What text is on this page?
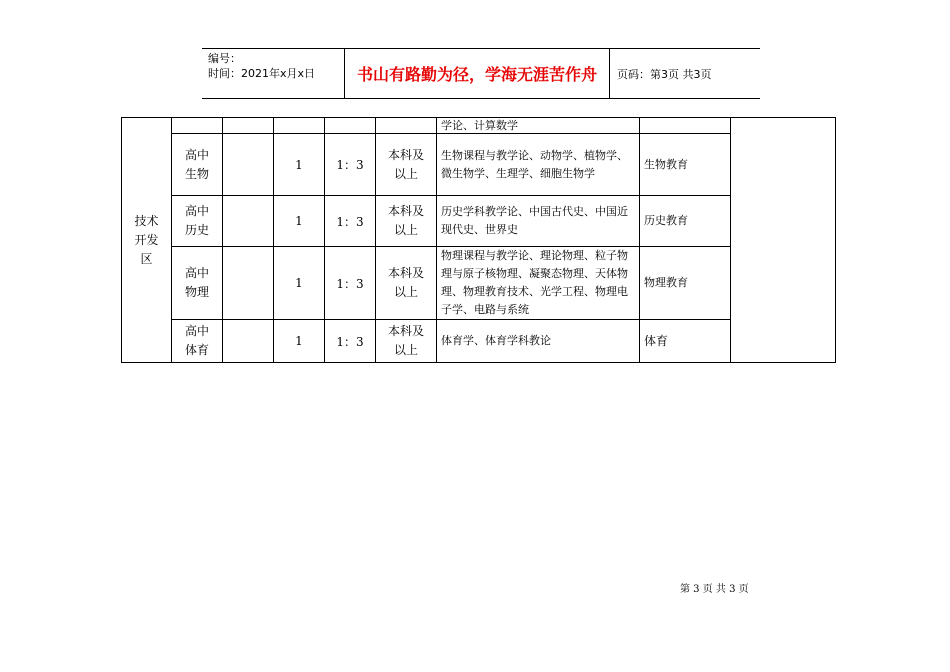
编号：
时间：2021年x月x日	书山有路勤为径，学海无涯苦作舟	页码：第3页 共3页
技术开发区						学论、计算数学		

	高中生物		1	1：3	本科及以上	生物课程与教学论、动物学、植物学、微生物学、生理学、细胞生物学	生物教育	

	高中历史		1	1：3	本科及以上	历史学科教学论、中国古代史、中国近现代史、世界史	历史教育	

	高中物理		1	1：3	本科及以上	物理课程与教学论、理论物理、粒子物理与原子核物理、凝聚态物理、天体物理、物理教育技术、光学工程、物理电子学、电路与系统	物理教育	

	高中体育		1	1：3	本科及以上	体育学、体育学科教论	体育	
第 3 页 共 3 页
